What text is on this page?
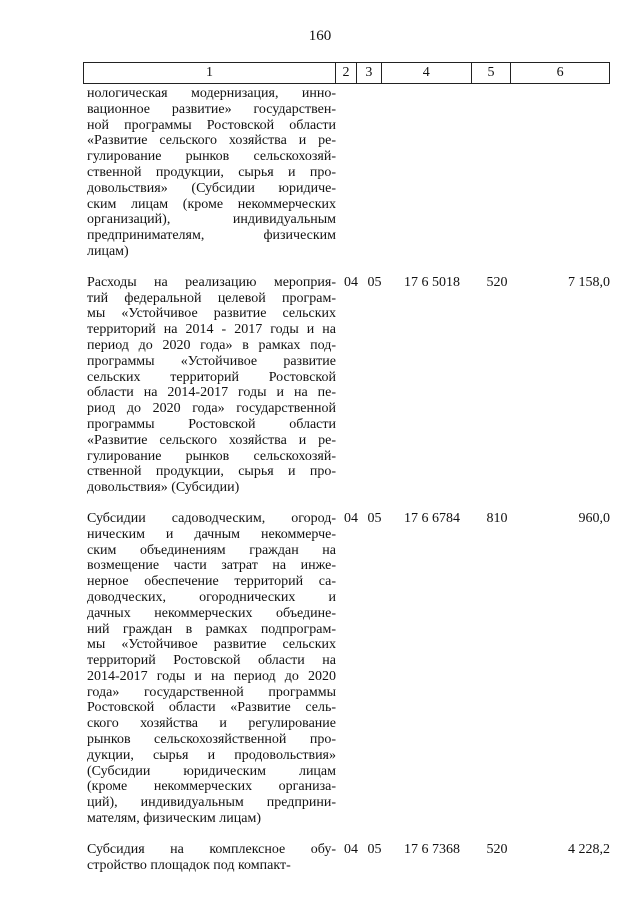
160
1	2	3	4	5	6
нологическая модернизация, инно-
вационное развитие» государствен-
ной программы Ростовской области
«Развитие сельского хозяйства и ре-
гулирование рынков сельскохозяй-
ственной продукции, сырья и про-
довольствия» (Субсидии юридиче-
ским лицам (кроме некоммерческих
организаций), индивидуальным
предпринимателям, физическим
лицам)
Расходы на реализацию мероприя-
тий федеральной целевой програм-
мы «Устойчивое развитие сельских
территорий на 2014 - 2017 годы и на
период до 2020 года» в рамках под-
программы «Устойчивое развитие
сельских территорий Ростовской
области на 2014-2017 годы и на пе-
риод до 2020 года» государственной
программы Ростовской области
«Развитие сельского хозяйства и ре-
гулирование рынков сельскохозяй-
ственной продукции, сырья и про-
довольствия» (Субсидии)
04 05	17 6 5018	520	7 158,0
Субсидии садоводческим, огород-
ническим и дачным некоммерче-
ским объединениям граждан на
возмещение части затрат на инже-
нерное обеспечение территорий са-
доводческих, огороднических и
дачных некоммерческих объедине-
ний граждан в рамках подпрограм-
мы «Устойчивое развитие сельских
территорий Ростовской области на
2014-2017 годы и на период до 2020
года» государственной программы
Ростовской области «Развитие сель-
ского хозяйства и регулирование
рынков сельскохозяйственной про-
дукции, сырья и продовольствия»
(Субсидии юридическим лицам
(кроме некоммерческих организа-
ций), индивидуальным предприни-
мателям, физическим лицам)
04 05	17 6 6784	810	960,0
Субсидия на комплексное обу-
стройство площадок под компакт-
04 05	17 6 7368	520	4 228,2
